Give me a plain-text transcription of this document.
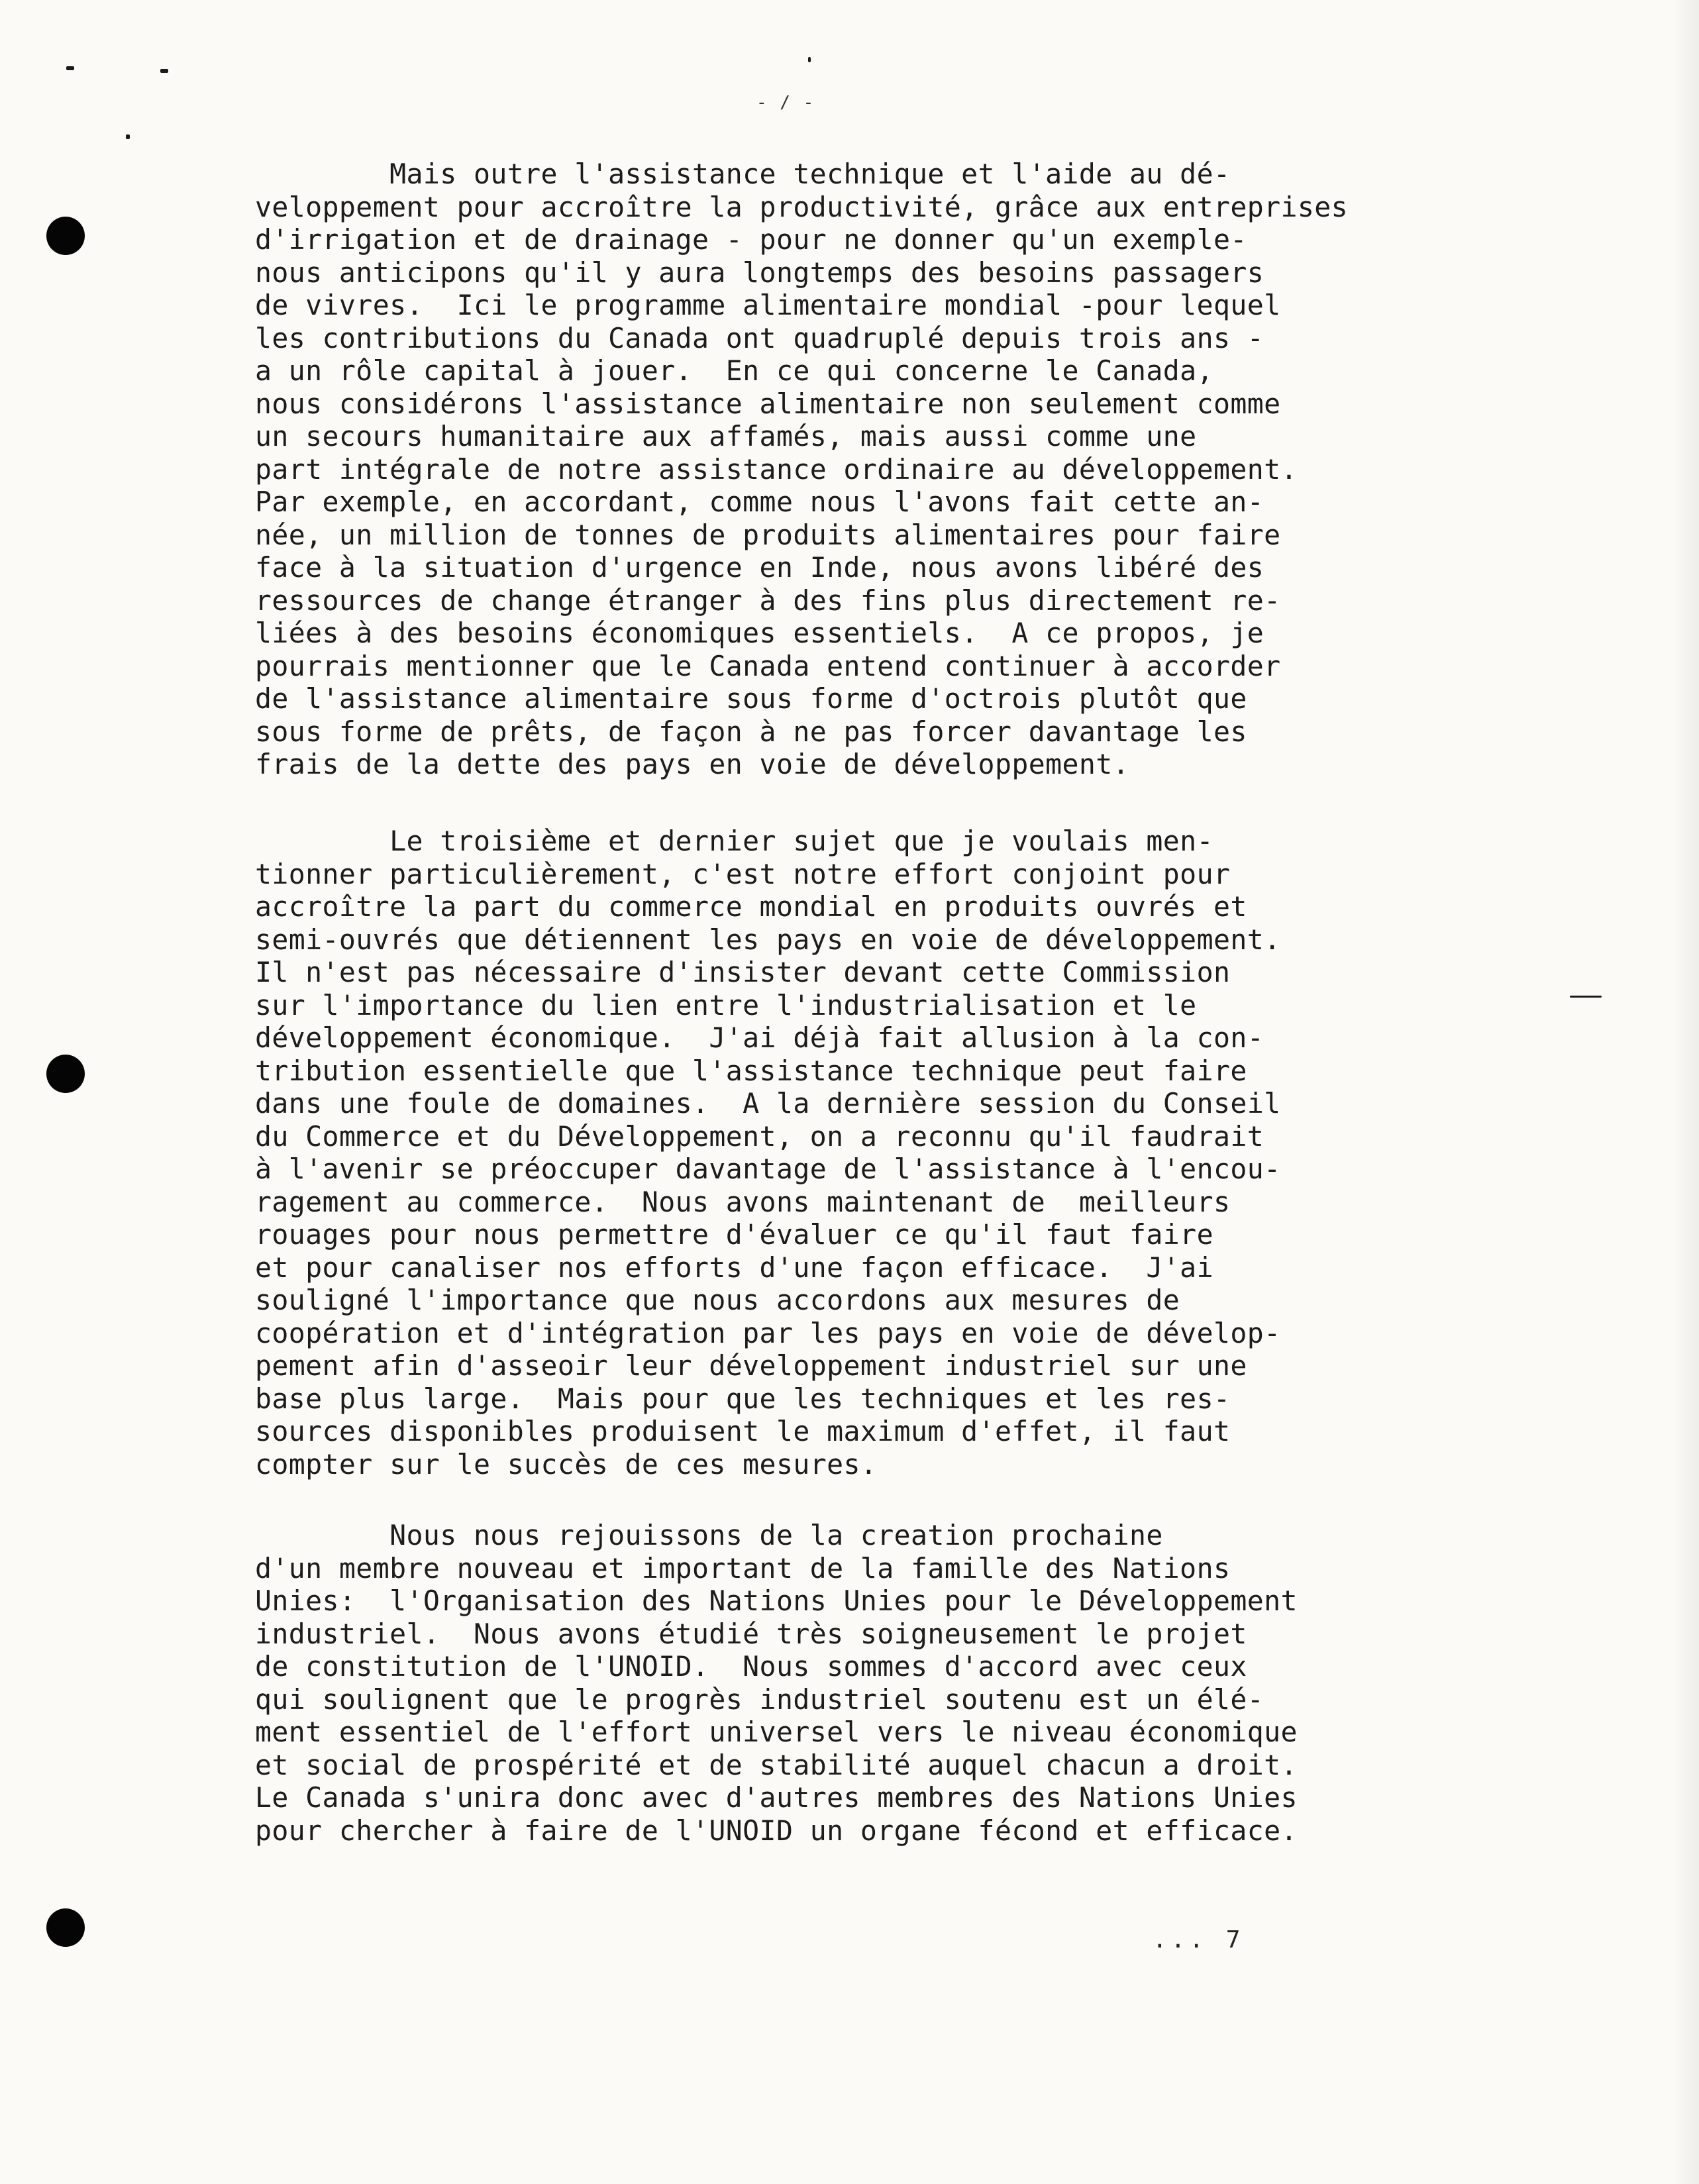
- / -
Mais outre l'assistance technique et l'aide au dé-
veloppement pour accroître la productivité, grâce aux entreprises
d'irrigation et de drainage - pour ne donner qu'un exemple-
nous anticipons qu'il y aura longtemps des besoins passagers
de vivres.  Ici le programme alimentaire mondial -pour lequel
les contributions du Canada ont quadruplé depuis trois ans -
a un rôle capital à jouer.  En ce qui concerne le Canada,
nous considérons l'assistance alimentaire non seulement comme
un secours humanitaire aux affamés, mais aussi comme une
part intégrale de notre assistance ordinaire au développement.
Par exemple, en accordant, comme nous l'avons fait cette an-
née, un million de tonnes de produits alimentaires pour faire
face à la situation d'urgence en Inde, nous avons libéré des
ressources de change étranger à des fins plus directement re-
liées à des besoins économiques essentiels.  A ce propos, je
pourrais mentionner que le Canada entend continuer à accorder
de l'assistance alimentaire sous forme d'octrois plutôt que
sous forme de prêts, de façon à ne pas forcer davantage les
frais de la dette des pays en voie de développement.
Le troisième et dernier sujet que je voulais men-
tionner particulièrement, c'est notre effort conjoint pour
accroître la part du commerce mondial en produits ouvrés et
semi-ouvrés que détiennent les pays en voie de développement.
Il n'est pas nécessaire d'insister devant cette Commission
sur l'importance du lien entre l'industrialisation et le
développement économique.  J'ai déjà fait allusion à la con-
tribution essentielle que l'assistance technique peut faire
dans une foule de domaines.  A la dernière session du Conseil
du Commerce et du Développement, on a reconnu qu'il faudrait
à l'avenir se préoccuper davantage de l'assistance à l'encou-
ragement au commerce.  Nous avons maintenant de  meilleurs
rouages pour nous permettre d'évaluer ce qu'il faut faire
et pour canaliser nos efforts d'une façon efficace.  J'ai
souligné l'importance que nous accordons aux mesures de
coopération et d'intégration par les pays en voie de dévelop-
pement afin d'asseoir leur développement industriel sur une
base plus large.  Mais pour que les techniques et les res-
sources disponibles produisent le maximum d'effet, il faut
compter sur le succès de ces mesures.
Nous nous rejouissons de la creation prochaine
d'un membre nouveau et important de la famille des Nations
Unies:  l'Organisation des Nations Unies pour le Développement
industriel.  Nous avons étudié très soigneusement le projet
de constitution de l'UNOID.  Nous sommes d'accord avec ceux
qui soulignent que le progrès industriel soutenu est un élé-
ment essentiel de l'effort universel vers le niveau économique
et social de prospérité et de stabilité auquel chacun a droit.
Le Canada s'unira donc avec d'autres membres des Nations Unies
pour chercher à faire de l'UNOID un organe fécond et efficace.
... 7
